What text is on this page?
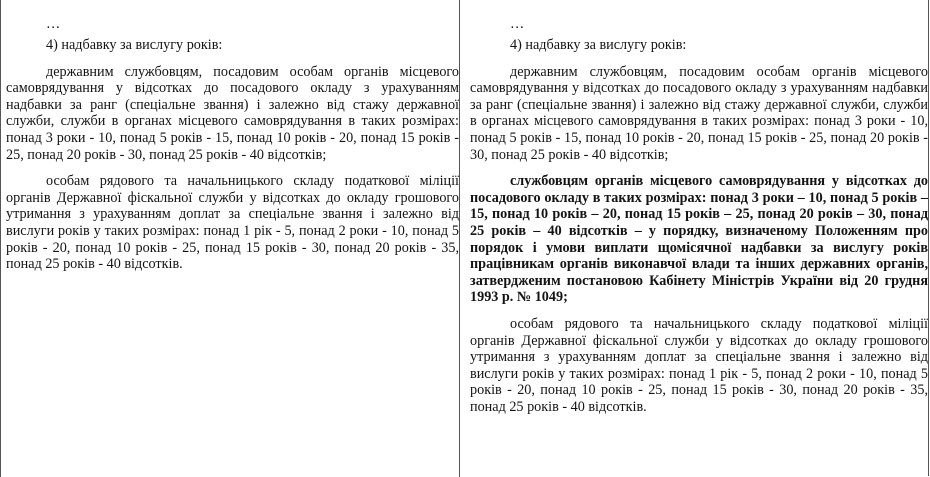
…

4) надбавку за вислугу років:

державним службовцям, посадовим особам органів місцевого самоврядування у відсотках до посадового окладу з урахуванням надбавки за ранг (спеціальне звання) і залежно від стажу державної служби, служби в органах місцевого самоврядування в таких розмірах: понад 3 роки - 10, понад 5 років - 15, понад 10 років - 20, понад 15 років - 25, понад 20 років - 30, понад 25 років - 40 відсотків;

особам рядового та начальницького складу податкової міліції органів Державної фіскальної служби у відсотках до окладу грошового утримання з урахуванням доплат за спеціальне звання і залежно від вислуги років у таких розмірах: понад 1 рік - 5, понад 2 роки - 10, понад 5 років - 20, понад 10 років - 25, понад 15 років - 30, понад 20 років - 35, понад 25 років - 40 відсотків.

…

4) надбавку за вислугу років:

державним службовцям, посадовим особам органів місцевого самоврядування у відсотках до посадового окладу з урахуванням надбавки за ранг (спеціальне звання) і залежно від стажу державної служби, служби в органах місцевого самоврядування в таких розмірах: понад 3 роки - 10, понад 5 років - 15, понад 10 років - 20, понад 15 років - 25, понад 20 років - 30, понад 25 років - 40 відсотків;

службовцям органів місцевого самоврядування у відсотках до посадового окладу в таких розмірах: понад 3 роки – 10, понад 5 років – 15, понад 10 років – 20, понад 15 років – 25, понад 20 років – 30, понад 25 років – 40 відсотків – у порядку, визначеному Положенням про порядок і умови виплати щомісячної надбавки за вислугу років працівникам органів виконавчої влади та інших державних органів, затвердженим постановою Кабінету Міністрів України від 20 грудня 1993 р. № 1049;

особам рядового та начальницького складу податкової міліції органів Державної фіскальної служби у відсотках до окладу грошового утримання з урахуванням доплат за спеціальне звання і залежно від вислуги років у таких розмірах: понад 1 рік - 5, понад 2 роки - 10, понад 5 років - 20, понад 10 років - 25, понад 15 років - 30, понад 20 років - 35, понад 25 років - 40 відсотків.
